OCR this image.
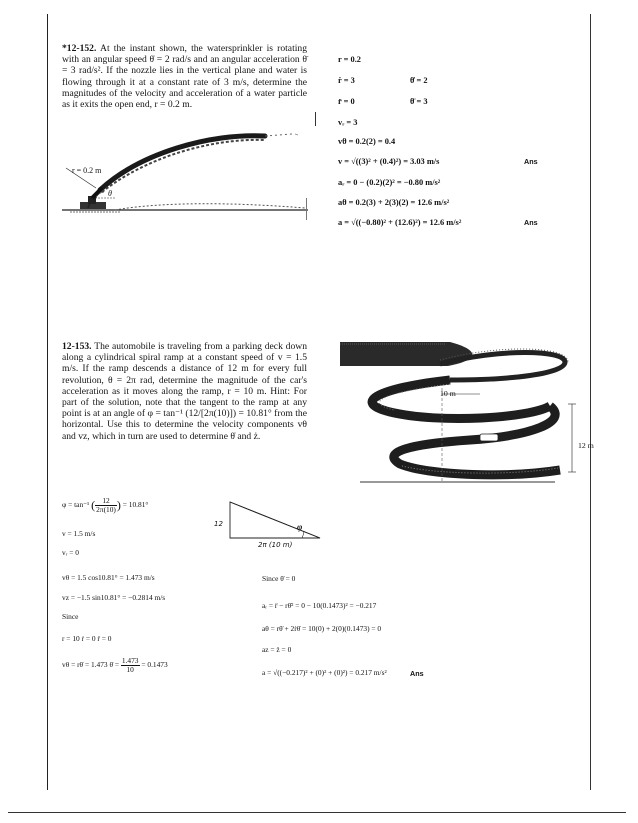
*12-152. At the instant shown, the watersprinkler is rotating with an angular speed θ̇ = 2 rad/s and an angular acceleration θ̈ = 3 rad/s². If the nozzle lies in the vertical plane and water is flowing through it at a constant rate of 3 m/s, determine the magnitudes of the velocity and acceleration of a water particle as it exits the open end, r = 0.2 m.
r = 0.2 m
θ
r = 0.2
ṙ = 3	θ̇ = 2
r̈ = 0	θ̈ = 3
vᵣ = 3
vθ = 0.2(2) = 0.4
v = √((3)² + (0.4)²) = 3.03 m/s	Ans
aᵣ = 0 − (0.2)(2)² = −0.80 m/s²
aθ = 0.2(3) + 2(3)(2) = 12.6 m/s²
a = √((−0.80)² + (12.6)²) = 12.6 m/s²	Ans
12-153. The automobile is traveling from a parking deck down along a cylindrical spiral ramp at a constant speed of v = 1.5 m/s. If the ramp descends a distance of 12 m for every full revolution, θ = 2π rad, determine the magnitude of the car's acceleration as it moves along the ramp, r = 10 m. Hint: For part of the solution, note that the tangent to the ramp at any point is at an angle of φ = tan⁻¹ (12/[2π(10)]) = 10.81° from the horizontal. Use this to determine the velocity components vθ and vz, which in turn are used to determine θ̇ and ż.
10 m
12 m
φ = tan⁻¹ ( $\frac{12}{2\pi(10)}$ ) = 10.81°
v = 1.5 m/s
vᵣ = 0
vθ = 1.5 cos10.81° = 1.473 m/s
vz = −1.5 sin10.81° = −0.2814 m/s
Since
r = 10 ṙ = 0 r̈ = 0
vθ = rθ̇ = 1.473 θ̇ = $\frac{1.473}{10} = 0.1473$
12
2π (10 m)
φ
Since θ̈ = 0
aᵣ = r̈ − rθ̇² = 0 − 10(0.1473)² = −0.217
aθ = rθ̈ + 2ṙθ̇ = 10(0) + 2(0)(0.1473) = 0
az = z̈ = 0
a = √((−0.217)² + (0)² + (0)²) = 0.217 m/s²	Ans
